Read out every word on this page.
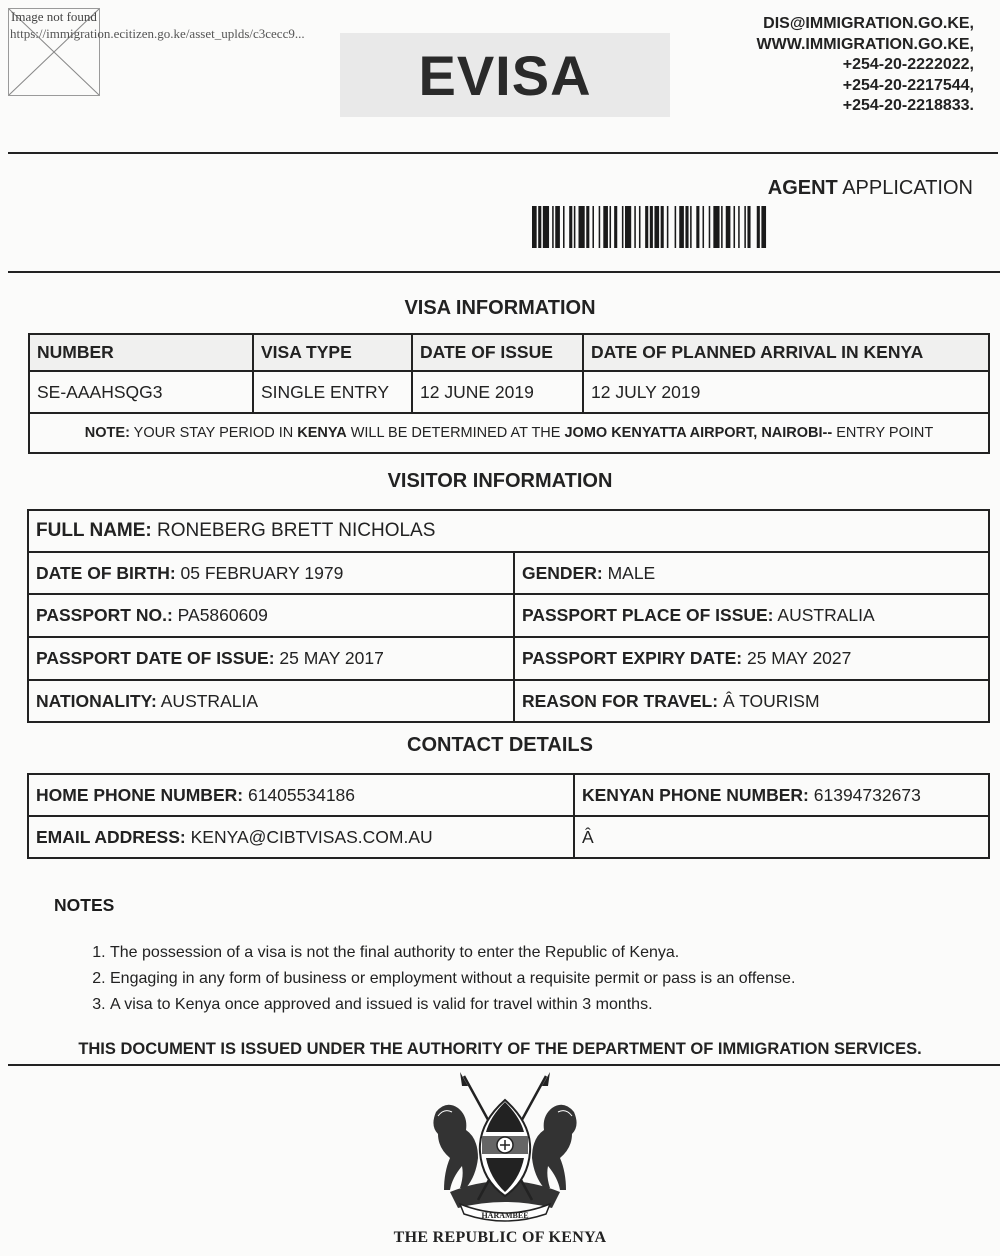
Image not found
https://immigration.ecitizen.go.ke/asset_uplds/c3cecc9...
EVISA
DIS@IMMIGRATION.GO.KE,
WWW.IMMIGRATION.GO.KE,
+254-20-2222022,
+254-20-2217544,
+254-20-2218833.
AGENT APPLICATION
VISA INFORMATION
NUMBER	VISA TYPE	DATE OF ISSUE	DATE OF PLANNED ARRIVAL IN KENYA
SE-AAAHSQG3	SINGLE ENTRY	12 JUNE 2019	12 JULY 2019
NOTE: YOUR STAY PERIOD IN KENYA WILL BE DETERMINED AT THE JOMO KENYATTA AIRPORT, NAIROBI-- ENTRY POINT			
VISITOR INFORMATION
FULL NAME: RONEBERG BRETT NICHOLAS	
DATE OF BIRTH: 05 FEBRUARY 1979	GENDER: MALE
PASSPORT NO.: PA5860609	PASSPORT PLACE OF ISSUE: AUSTRALIA
PASSPORT DATE OF ISSUE: 25 MAY 2017	PASSPORT EXPIRY DATE: 25 MAY 2027
NATIONALITY: AUSTRALIA	REASON FOR TRAVEL: Â TOURISM
CONTACT DETAILS
HOME PHONE NUMBER: 61405534186	KENYAN PHONE NUMBER: 61394732673
EMAIL ADDRESS: KENYA@CIBTVISAS.COM.AU	Â
NOTES
1. The possession of a visa is not the final authority to enter the Republic of Kenya.
2. Engaging in any form of business or employment without a requisite permit or pass is an offense.
3. A visa to Kenya once approved and issued is valid for travel within 3 months.
THIS DOCUMENT IS ISSUED UNDER THE AUTHORITY OF THE DEPARTMENT OF IMMIGRATION SERVICES.
HARAMBEE
THE REPUBLIC OF KENYA
